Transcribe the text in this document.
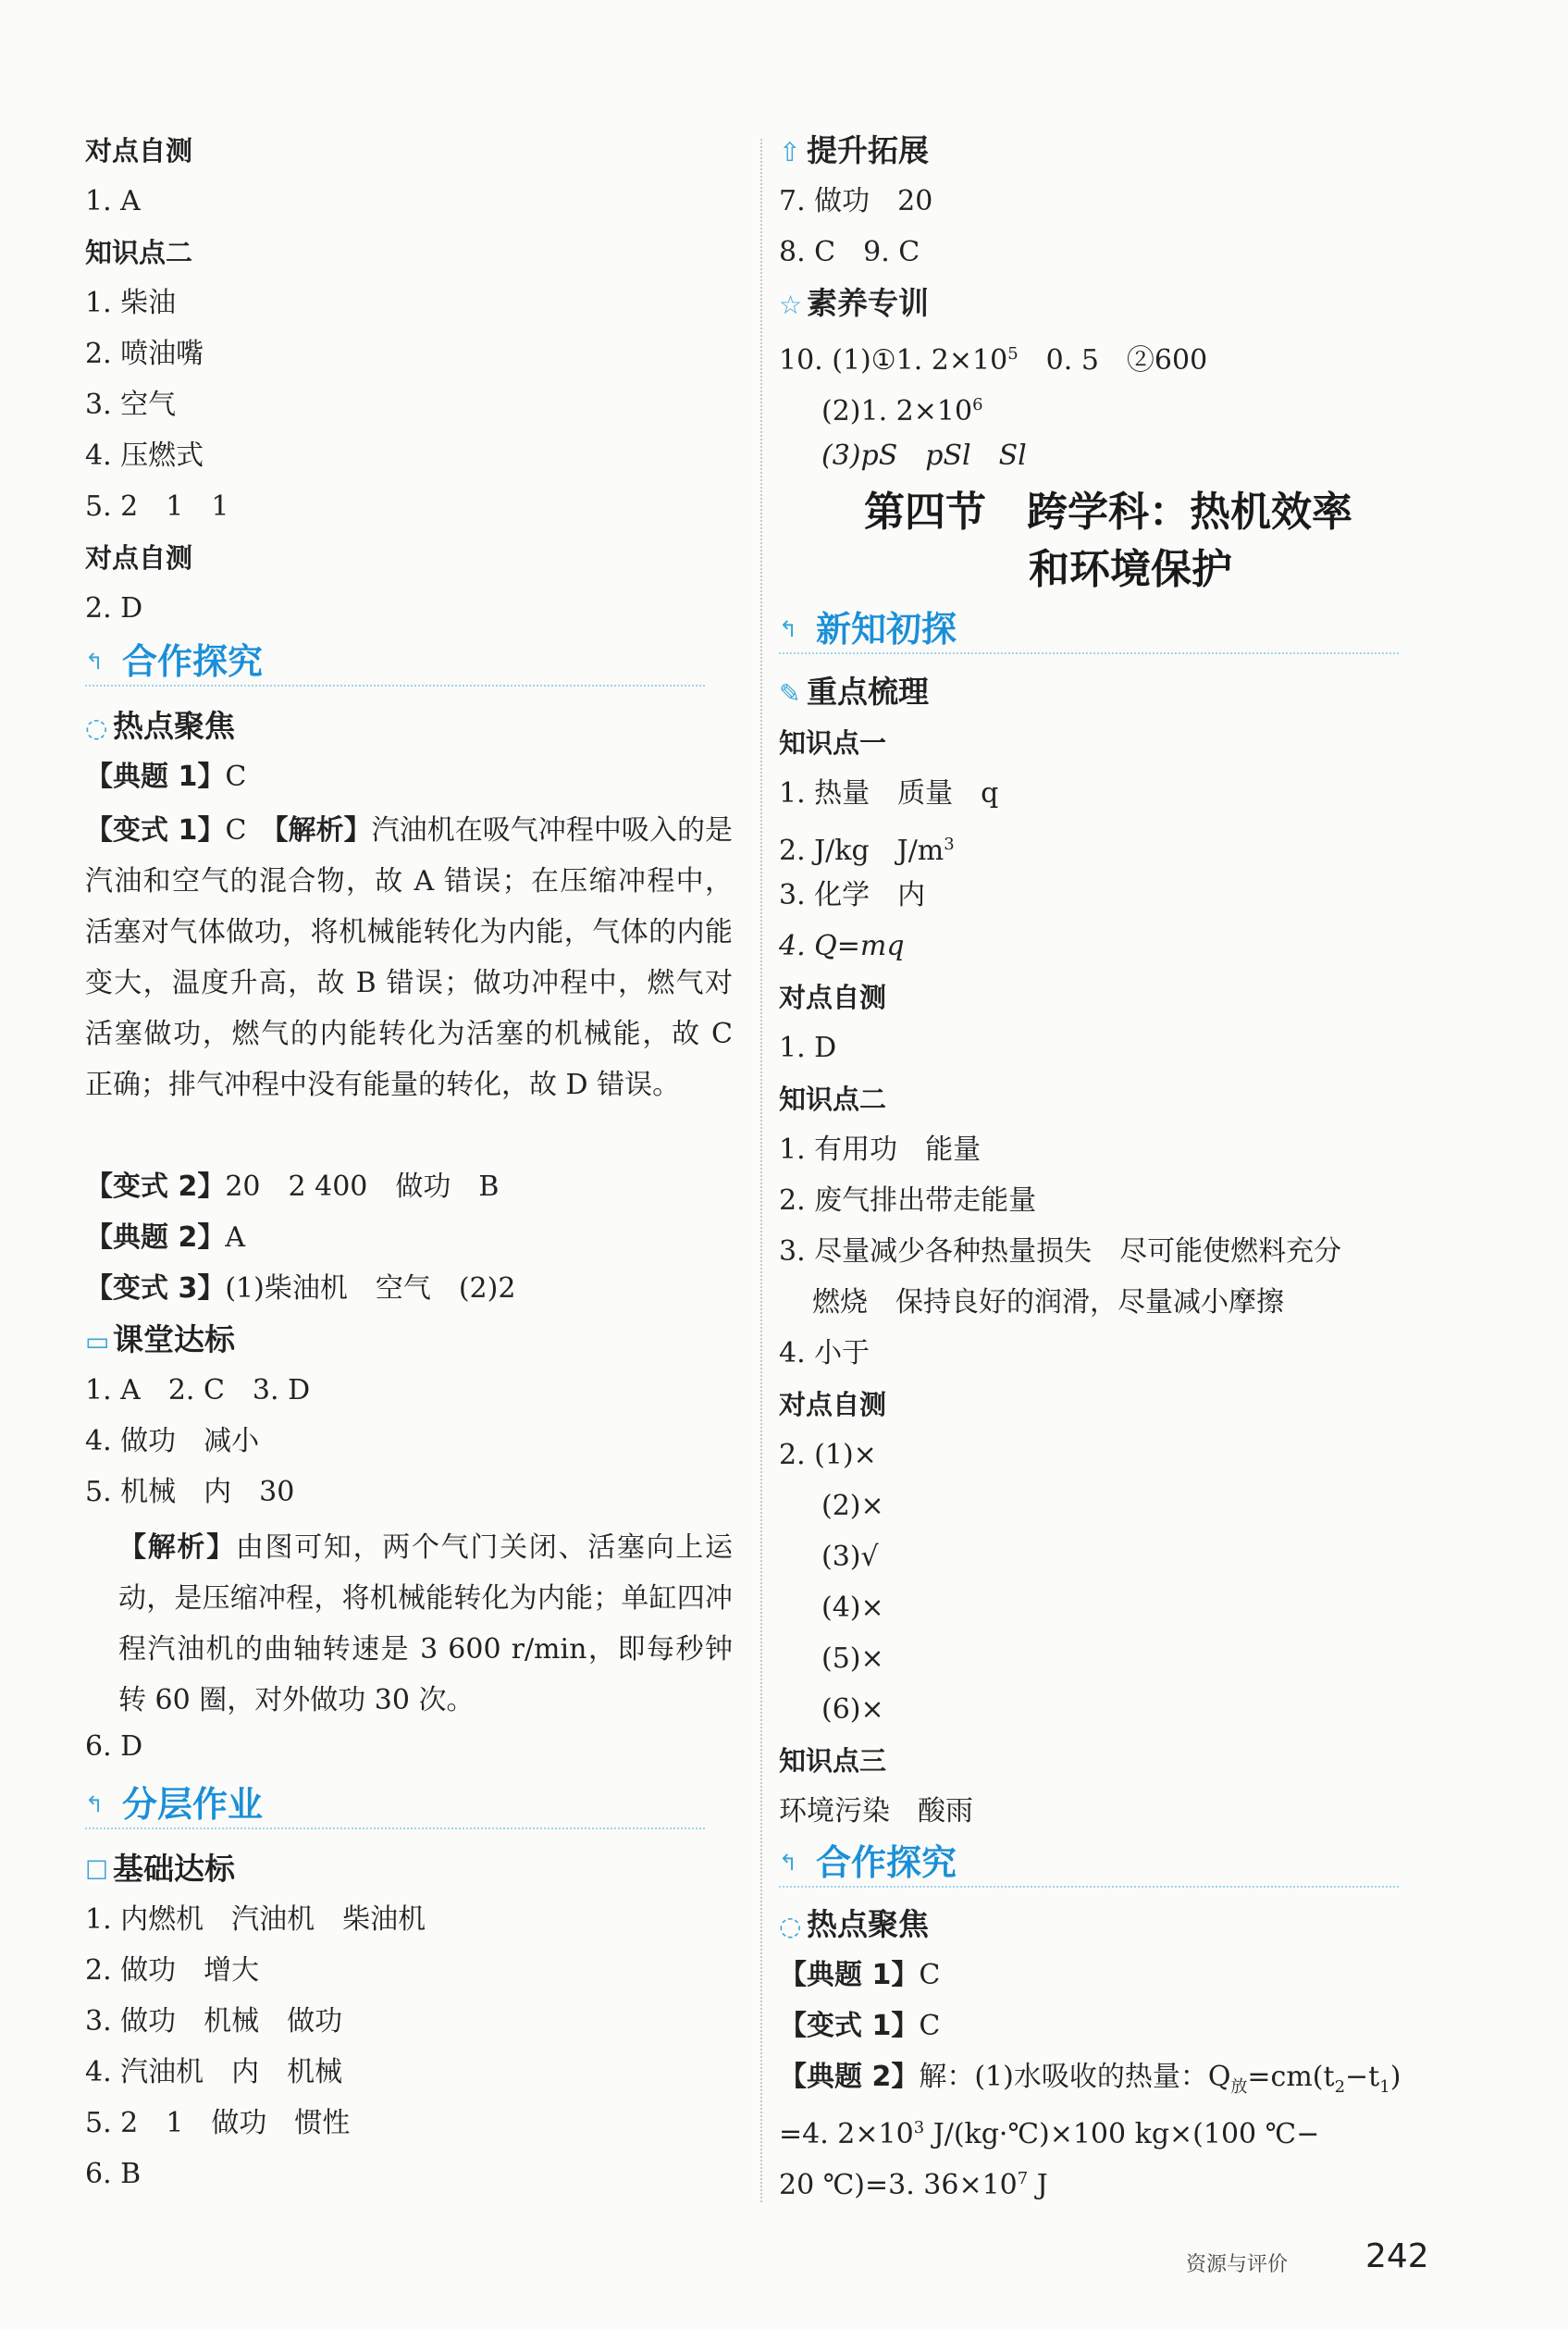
对点自测
1. A
知识点二
1. 柴油
2. 喷油嘴
3. 空气
4. 压燃式
5. 2　1　1
对点自测
2. D
↰ 合作探究
◌ 热点聚焦
【典题 1】C
【变式 1】C　【解析】汽油机在吸气冲程中吸入的是汽油和空气的混合物，故 A 错误；在压缩冲程中，活塞对气体做功，将机械能转化为内能，气体的内能变大，温度升高，故 B 错误；做功冲程中，燃气对活塞做功，燃气的内能转化为活塞的机械能，故 C 正确；排气冲程中没有能量的转化，故 D 错误。
【变式 2】20　2 400　做功　B
【典题 2】A
【变式 3】(1)柴油机　空气　(2)2
▭ 课堂达标
1. A　2. C　3. D
4. 做功　减小
5. 机械　内　30
【解析】由图可知，两个气门关闭、活塞向上运动，是压缩冲程，将机械能转化为内能；单缸四冲程汽油机的曲轴转速是 3 600 r/min，即每秒钟转 60 圈，对外做功 30 次。
6. D
↰ 分层作业
☐ 基础达标
1. 内燃机　汽油机　柴油机
2. 做功　增大
3. 做功　机械　做功
4. 汽油机　内　机械
5. 2　1　做功　惯性
6. B
⇧ 提升拓展
7. 做功　20
8. C　9. C
☆ 素养专训
10. (1)①1. $2\times 10^5$　0. 5　②600
(2)1. $2\times 10^6$
(3)pS　pSl　Sl
第四节　跨学科：热机效率
和环境保护
↰ 新知初探
✎ 重点梳理
知识点一
1. 热量　质量　q
2. J/kg　$J/m^3$
3. 化学　内
4. Q=mq
对点自测
1. D
知识点二
1. 有用功　能量
2. 废气排出带走能量
3. 尽量减少各种热量损失　尽可能使燃料充分
燃烧　保持良好的润滑，尽量减小摩擦
4. 小于
对点自测
2. (1)×
(2)×
(3)√
(4)×
(5)×
(6)×
知识点三
环境污染　酸雨
↰ 合作探究
◌ 热点聚焦
【典题 1】C
【变式 1】C
【典题 2】解：(1)水吸收的热量：$Q_放=cm(t_2-t_1)$
=4. $2\times 10^3$ J/(kg·℃)×100 kg×(100 ℃−
20 ℃)=3. $36\times 10^7$ J
资源与评价 242
